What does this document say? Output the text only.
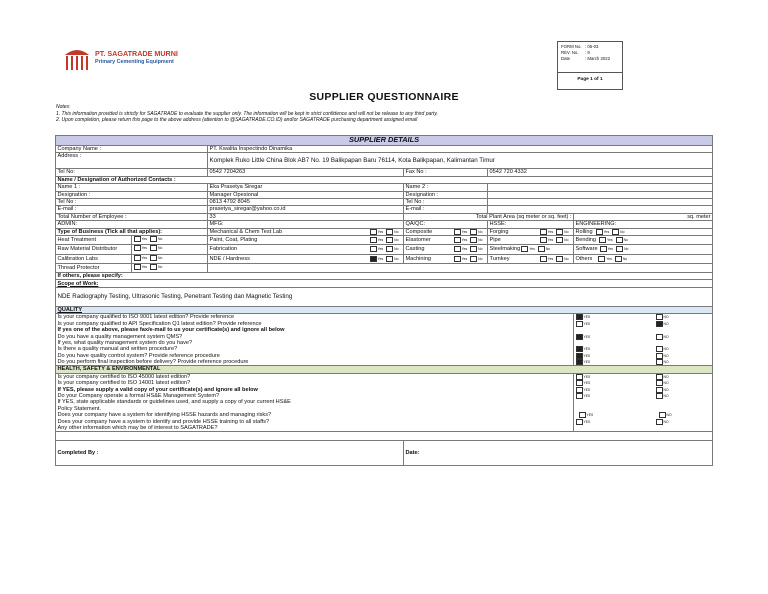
PT. SAGATRADE MURNI
Primary Cementing Equipment
FORM No. : 05-03
REV. No.	: 9
Date	: March 2022
Page 1 of 1
SUPPLIER QUESTIONNAIRE
Notes:
1. This information provided is strictly for SAGATRADE to evaluate the supplier only. The information will be kept in strict confidence and will not be release to any third party.
2. Upon completion, please return this page to the above address (attention to @SAGATRADE.CO.ID) and/or SAGATRADE purchasing department assigned email
SUPPLIER DETAILS					
Company Name :		PT. Kwalita Inspectindo Dinamika			
Address :		Komplek Ruko Little China Blok AB7 No. 19 Balikpapan Baru 76114, Kota Balikpapan, Kalimantan Timur			
Tel No:		0542 7204263	Fax No :	0542 720 4332	
Name / Designation of Authorized Contacts :					
Name 1 :		Eka Prasetya Siregar	Name 2 :		
Designation :		Manager Opesional	Designation :		
Tel No :		0813 4792 8045	Tel No :		
E-mail :		prasetya_siregar@yahoo.co.id	E-mail :		
Total Number of Employee :		33	Total Plant Area (sq meter or sq. feet) :		sq. meter
ADMIN:		MFG:	QA/QC:	HSSE:	ENGINEERING:
Type of Business (Tick all that applies):		Mechanical & Chem Test Lab Yes No	Composite Yes No	Forging Yes No	Rolling Yes No

Heat Treatment	Yes No	Paint, Coat, Plating Yes No	Elastomer Yes No	Pipe Yes No	Bending Yes No

Raw Material Distributor	Yes No	Fabrication Yes No	Casting Yes No	Steelmaking Yes No	Software Yes No

Calibration Labs	Yes No	NDE / Hardness Yes No	Machining Yes No	Turnkey Yes No	Others Yes No

Thread Protector	Yes No				

If others, please specify:					
Scope of Work:					
NDE Radiography Testing, Ultrasonic Testing, Penetrant Testing dan Magnetic Testing					
QUALITY					
Is your company qualified to ISO 9001 latest edition? Provide reference					YES NO

Is your company qualified to API Specification Q1 latest edition? Provide reference					YES NO

If yes one of the above, please fax/e-mail to us your certificate(s) and ignore all below					
Do you have a quality management system QMS?					YES NO

If yes, what quality management system do you have?					
Is there a quality manual and written procedure?					YES NO

Do you have quality control system? Provide reference procedure					YES NO

Do you perform final inspection before delivery? Provide reference procedure					YES NO

HEALTH, SAFETY & ENVIRONMENTAL					
Is your company certified to ISO 45000 latest edition?					YES NO

Is your company certified to ISO 14001 latest edition?					YES NO

If YES, please supply a valid copy of your certificate(s) and ignore all below					YES NO

Do your Company operate a formal HS&E Management System?					YES NO

If YES, state applicable standards or guidelines used, and supply a copy of your current HS&E					
Policy Statement.					
Does your company have a system for identifying HSSE hazards and managing risks?					YES NO

Does your company have a system to identify and provide HSSE training to all staffs?					YES NO

Any other information which may be of interest to SAGATRADE?					

Completed By :			Date:		
